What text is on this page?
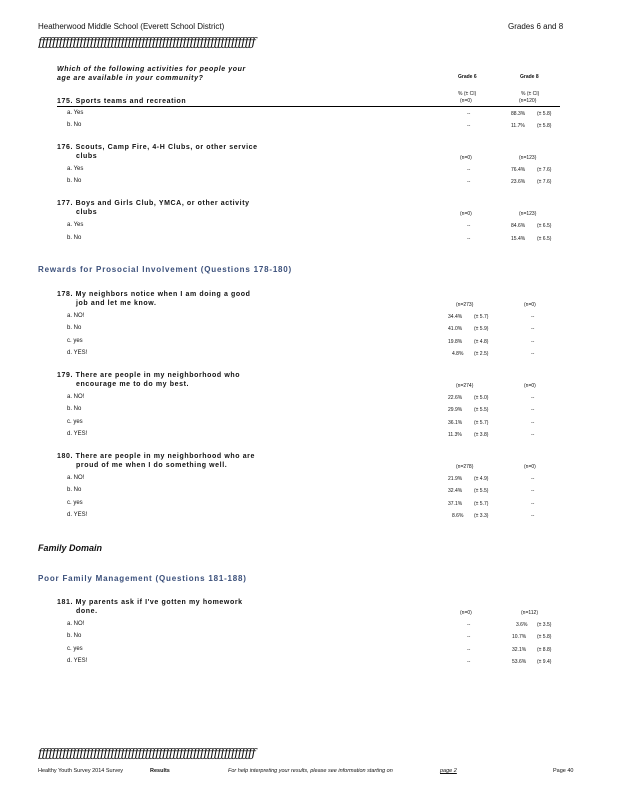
Heatherwood Middle School (Everett School District)	Grades 6 and 8
ƒƒƒƒƒƒƒƒƒƒƒƒƒƒƒƒƒƒƒƒƒƒƒƒƒƒƒƒƒƒƒƒƒƒƒƒƒƒƒƒƒƒƒƒƒƒƒƒƒƒƒƒƒƒƒƒƒƒƒƒƒƒƒ
Which of the following activities for people your
age are available in your community?	Grade 6	Grade 8
% (± CI)	% (± CI)
175. Sports teams and recreation	(n=0)	(n=120)
a. Yes	--	88.3% (± 5.8)
b. No	--	11.7% (± 5.8)
176. Scouts, Camp Fire, 4-H Clubs, or other service
clubs	(n=0)	(n=123)
a. Yes	--	76.4% (± 7.6)
b. No	--	23.6% (± 7.6)
177. Boys and Girls Club, YMCA, or other activity
clubs	(n=0)	(n=123)
a. Yes	--	84.6% (± 6.5)
b. No	--	15.4% (± 6.5)
Rewards for Prosocial Involvement (Questions 178-180)
178. My neighbors notice when I am doing a good
job and let me know.	(n=273)	(n=0)
a. NO!	34.4% (± 5.7)	--
b. No	41.0% (± 5.9)	--
c. yes	19.8% (± 4.8)	--
d. YES!	4.8% (± 2.5)	--
179. There are people in my neighborhood who
encourage me to do my best.	(n=274)	(n=0)
a. NO!	22.6% (± 5.0)	--
b. No	29.9% (± 5.5)	--
c. yes	36.1% (± 5.7)	--
d. YES!	11.3% (± 3.8)	--
180. There are people in my neighborhood who are
proud of me when I do something well.	(n=278)	(n=0)
a. NO!	21.9% (± 4.9)	--
b. No	32.4% (± 5.5)	--
c. yes	37.1% (± 5.7)	--
d. YES!	8.6% (± 3.3)	--
Family Domain
Poor Family Management (Questions 181-188)
181. My parents ask if I've gotten my homework
done.	(n=0)	(n=112)
a. NO!	--	3.6% (± 3.5)
b. No	--	10.7% (± 5.8)
c. yes	--	32.1% (± 8.8)
d. YES!	--	53.6% (± 9.4)
ƒƒƒƒƒƒƒƒƒƒƒƒƒƒƒƒƒƒƒƒƒƒƒƒƒƒƒƒƒƒƒƒƒƒƒƒƒƒƒƒƒƒƒƒƒƒƒƒƒƒƒƒƒƒƒƒƒƒƒƒƒƒƒ
Healthy Youth Survey 2014 Survey	Results	For help interpreting your results, please see information starting on	page 2	Page 40
